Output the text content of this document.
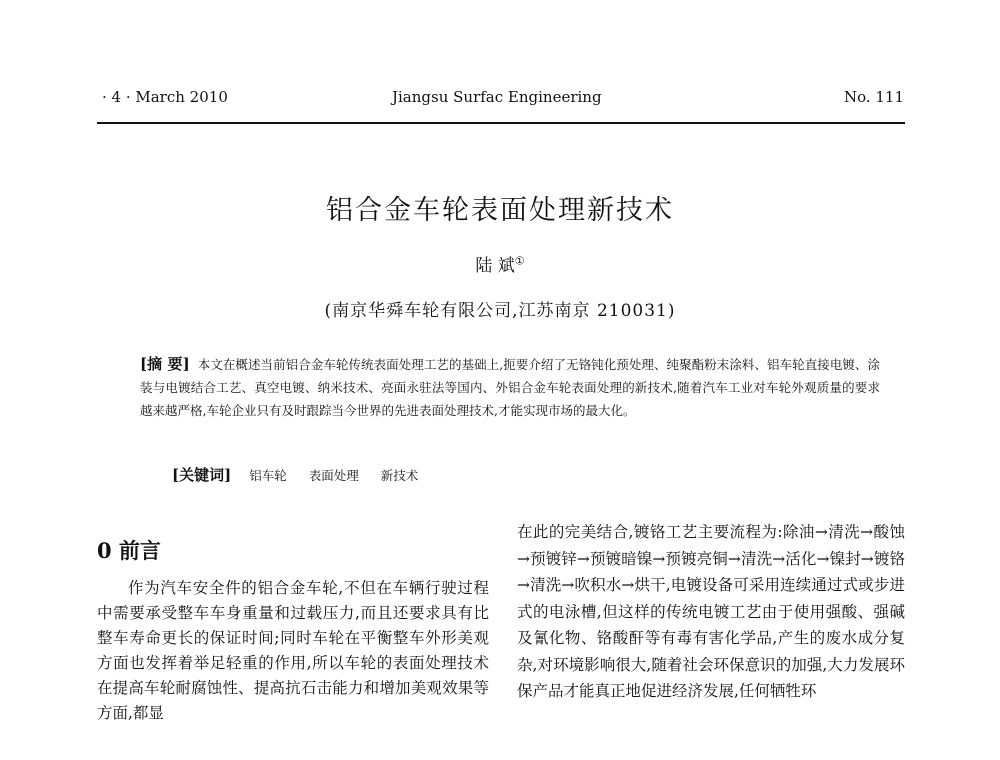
· 4 · March 2010	Jiangsu Surfac Engineering	No. 111
铝合金车轮表面处理新技术
陆 斌①
(南京华舜车轮有限公司,江苏南京 210031)
[摘 要] 本文在概述当前铝合金车轮传统表面处理工艺的基础上,扼要介绍了无铬钝化预处理、纯聚酯粉末涂料、铝车轮直接电镀、涂装与电镀结合工艺、真空电镀、纳米技术、亮面永驻法等国内、外铝合金车轮表面处理的新技术,随着汽车工业对车轮外观质量的要求越来越严格,车轮企业只有及时跟踪当今世界的先进表面处理技术,才能实现市场的最大化。
[关键词] 铝车轮 表面处理 新技术
0 前言
作为汽车安全件的铝合金车轮,不但在车辆行驶过程中需要承受整车车身重量和过载压力,而且还要求具有比整车寿命更长的保证时间;同时车轮在平衡整车外形美观方面也发挥着举足轻重的作用,所以车轮的表面处理技术在提高车轮耐腐蚀性、提高抗石击能力和增加美观效果等方面,都显
在此的完美结合,镀铬工艺主要流程为:除油→清洗→酸蚀→预镀锌→预镀暗镍→预镀亮铜→清洗→活化→镍封→镀铬→清洗→吹积水→烘干,电镀设备可采用连续通过式或步进式的电泳槽,但这样的传统电镀工艺由于使用强酸、强碱及氰化物、铬酸酐等有毒有害化学品,产生的废水成分复杂,对环境影响很大,随着社会环保意识的加强,大力发展环保产品才能真正地促进经济发展,任何牺牲环
